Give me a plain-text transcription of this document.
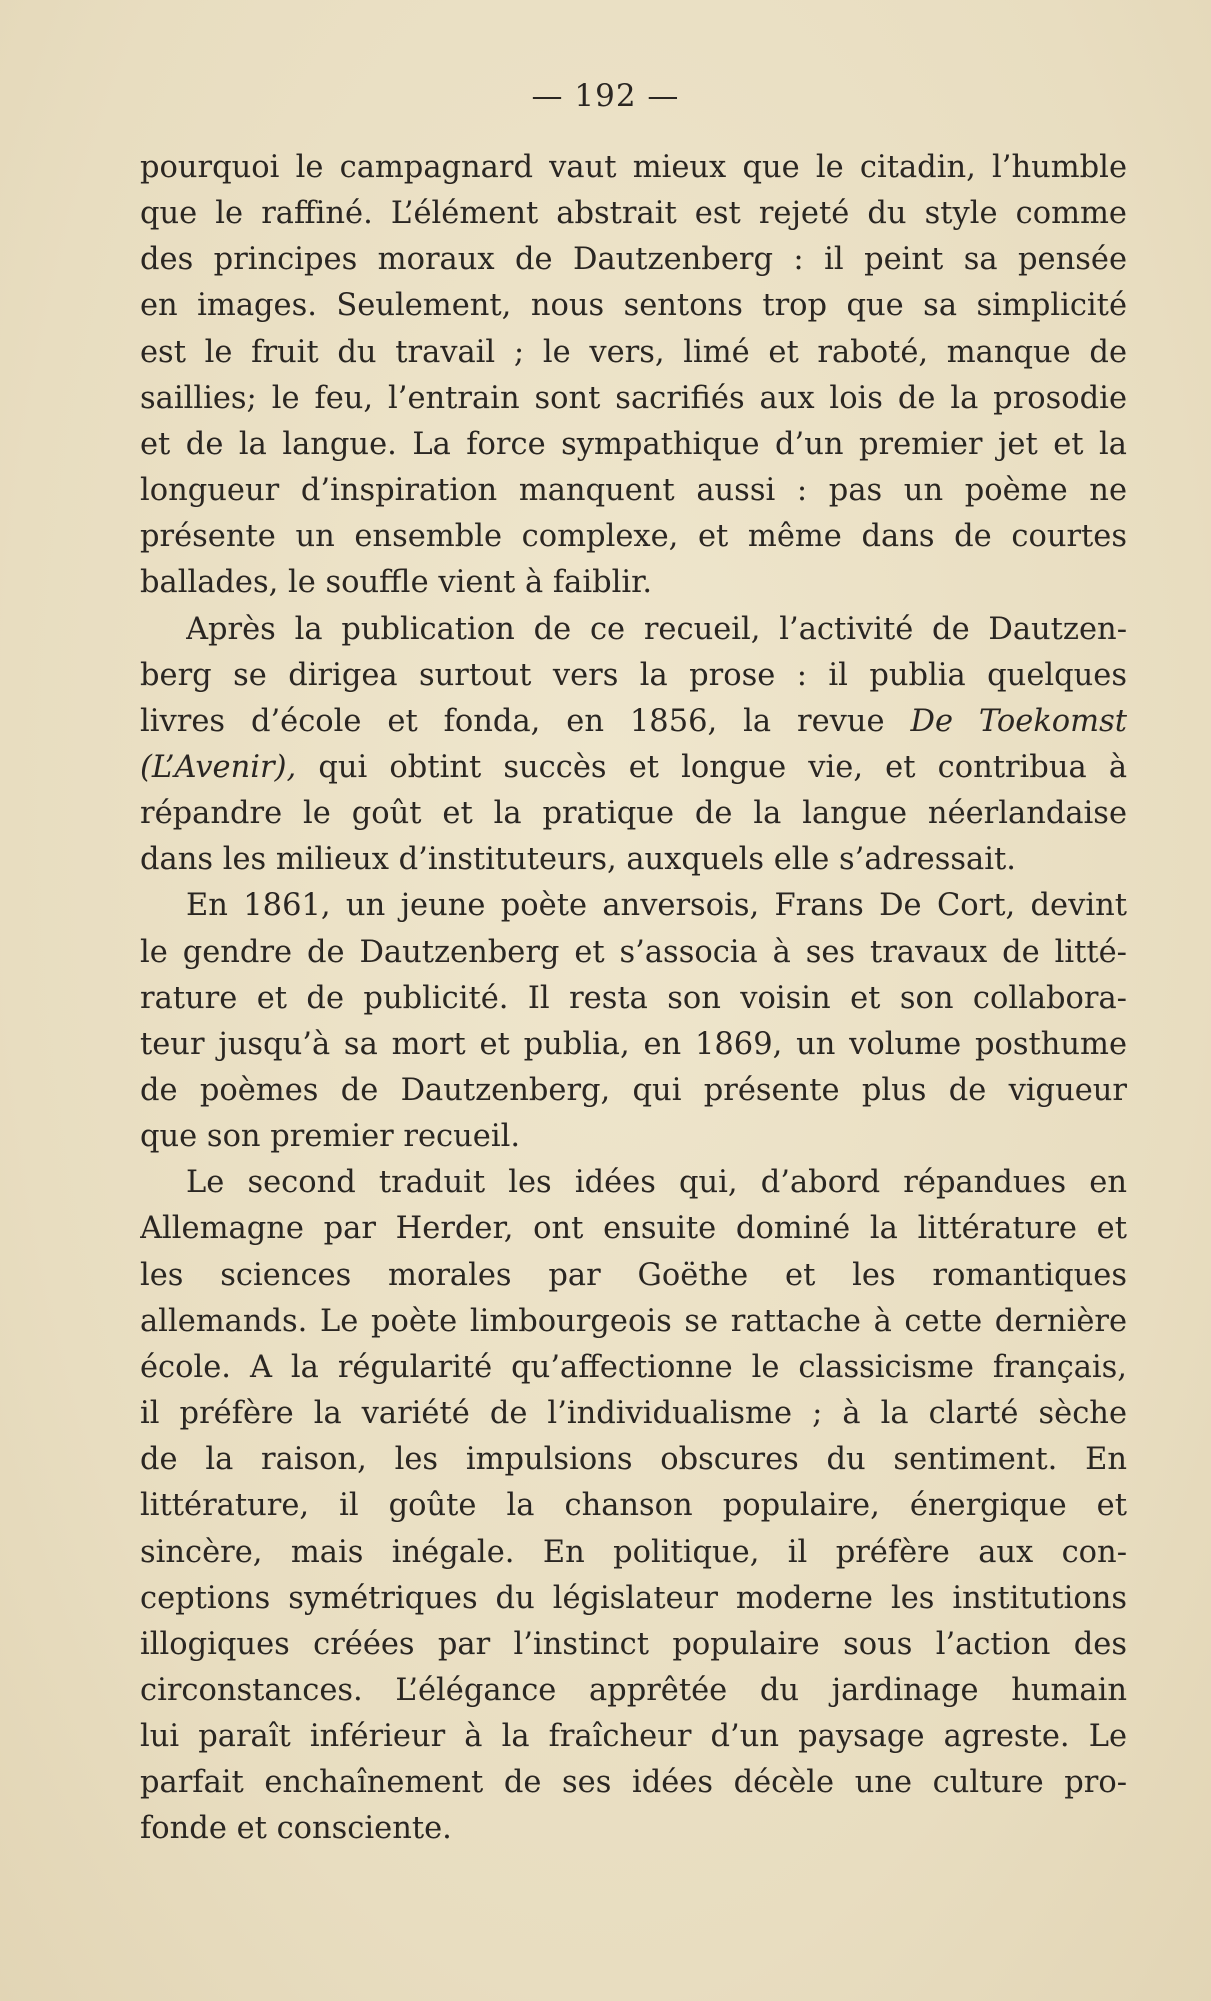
— 192 —
pourquoi le campagnard vaut mieux que le citadin, l’humble
que le raffiné. L’élément abstrait est rejeté du style comme
des principes moraux de Dautzenberg : il peint sa pensée
en images. Seulement, nous sentons trop que sa simplicité
est le fruit du travail ; le vers, limé et raboté, manque de
saillies; le feu, l’entrain sont sacrifiés aux lois de la prosodie
et de la langue. La force sympathique d’un premier jet et la
longueur d’inspiration manquent aussi : pas un poème ne
présente un ensemble complexe, et même dans de courtes
ballades, le souffle vient à faiblir.
Après la publication de ce recueil, l’activité de Dautzen-
berg se dirigea surtout vers la prose : il publia quelques
livres d’école et fonda, en 1856, la revue De Toekomst
(L’Avenir), qui obtint succès et longue vie, et contribua à
répandre le goût et la pratique de la langue néerlandaise
dans les milieux d’instituteurs, auxquels elle s’adressait.
En 1861, un jeune poète anversois, Frans De Cort, devint
le gendre de Dautzenberg et s’associa à ses travaux de litté-
rature et de publicité. Il resta son voisin et son collabora-
teur jusqu’à sa mort et publia, en 1869, un volume posthume
de poèmes de Dautzenberg, qui présente plus de vigueur
que son premier recueil.
Le second traduit les idées qui, d’abord répandues en
Allemagne par Herder, ont ensuite dominé la littérature et
les sciences morales par Goëthe et les romantiques
allemands. Le poète limbourgeois se rattache à cette dernière
école. A la régularité qu’affectionne le classicisme français,
il préfère la variété de l’individualisme ; à la clarté sèche
de la raison, les impulsions obscures du sentiment. En
littérature, il goûte la chanson populaire, énergique et
sincère, mais inégale. En politique, il préfère aux con-
ceptions symétriques du législateur moderne les institutions
illogiques créées par l’instinct populaire sous l’action des
circonstances. L’élégance apprêtée du jardinage humain
lui paraît inférieur à la fraîcheur d’un paysage agreste. Le
parfait enchaînement de ses idées décèle une culture pro-
fonde et consciente.
